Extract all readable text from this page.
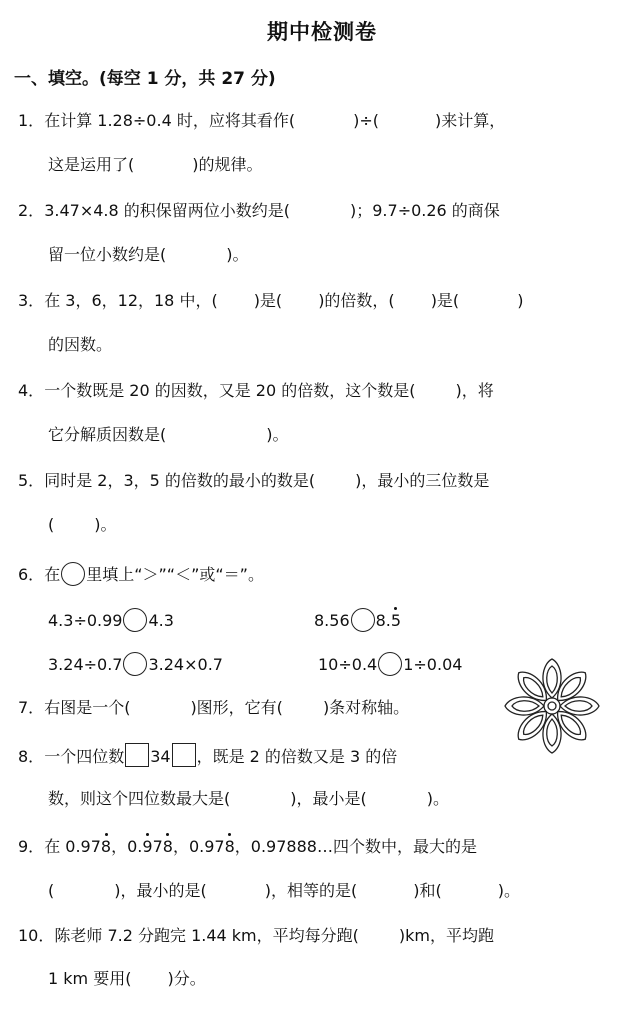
期中检测卷
一、填空。(每空 1 分，共 27 分)
1．在计算 1.28÷0.4 时，应将其看作(	)÷(	)来计算，
这是运用了(	)的规律。
2．3.47×4.8 的积保留两位小数约是(	)；9.7÷0.26 的商保
留一位小数约是(	)。
3．在 3，6，12，18 中，( )是( )的倍数，( )是(	)
的因数。
4．一个数既是 20 的因数，又是 20 的倍数，这个数是(	)，将
它分解质因数是(	)。
5．同时是 2，3，5 的倍数的最小的数是(	)，最小的三位数是
(	)。
6．在 里填上“＞”“＜”或“＝”。
4.3÷0.99 4.3	8.56 8.5
3.24÷0.7 3.24×0.7	10÷0.4 1÷0.04
7．右图是一个(	)图形，它有(	)条对称轴。
8．一个四位数 34 ，既是 2 的倍数又是 3 的倍
数，则这个四位数最大是(	)，最小是(	)。
9．在 0.978，0.978，0.978，0.97888…四个数中，最大的是
(	)，最小的是(	)，相等的是(	)和(	)。
10．陈老师 7.2 分跑完 1.44 km，平均每分跑(	)km，平均跑
1 km 要用( )分。
